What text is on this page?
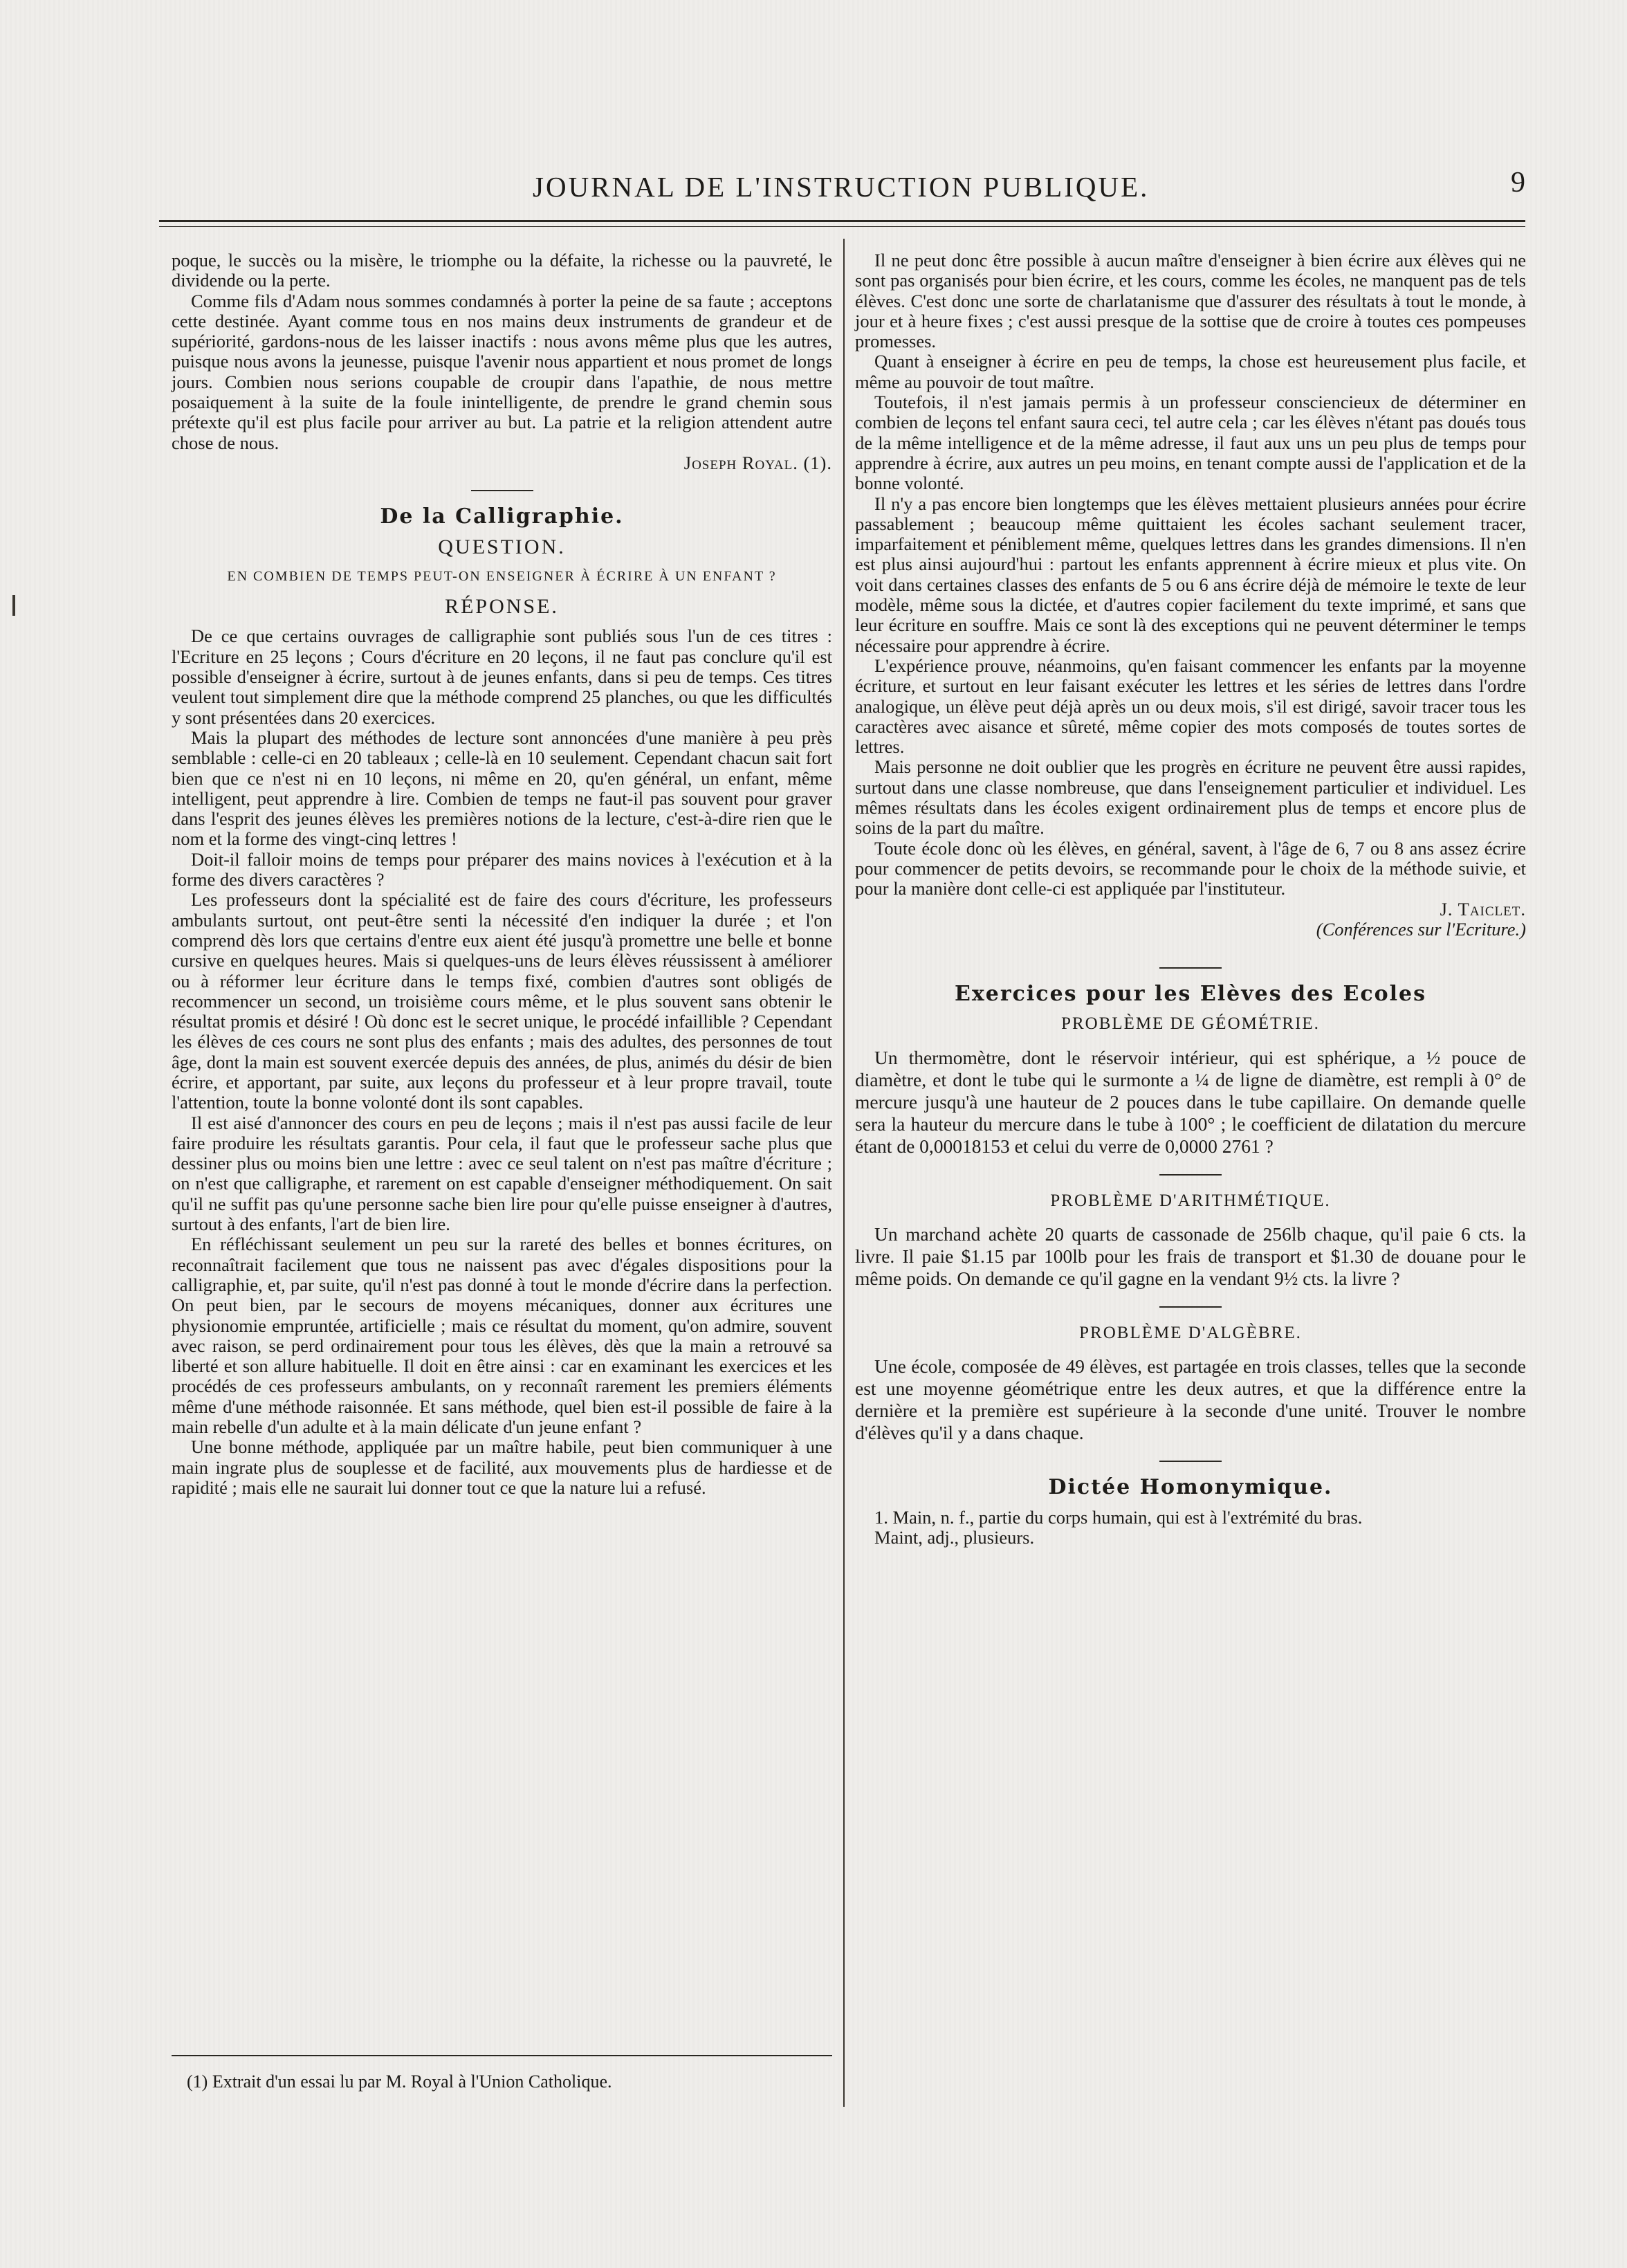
JOURNAL DE L'INSTRUCTION PUBLIQUE.	9

poque, le succès ou la misère, le triomphe ou la défaite, la richesse ou la pauvreté, le dividende ou la perte.

Comme fils d'Adam nous sommes condamnés à porter la peine de sa faute ; acceptons cette destinée. Ayant comme tous en nos mains deux instruments de grandeur et de supériorité, gardons-nous de les laisser inactifs : nous avons même plus que les autres, puisque nous avons la jeunesse, puisque l'avenir nous appartient et nous promet de longs jours. Combien nous serions coupable de croupir dans l'apathie, de nous mettre posaiquement à la suite de la foule inintelligente, de prendre le grand chemin sous prétexte qu'il est plus facile pour arriver au but. La patrie et la religion attendent autre chose de nous.

Joseph Royal. (1).

De la Calligraphie.
QUESTION.
EN COMBIEN DE TEMPS PEUT-ON ENSEIGNER À ÉCRIRE À UN ENFANT ?
RÉPONSE.

De ce que certains ouvrages de calligraphie sont publiés sous l'un de ces titres : l'Ecriture en 25 leçons ; Cours d'écriture en 20 leçons, il ne faut pas conclure qu'il est possible d'enseigner à écrire, surtout à de jeunes enfants, dans si peu de temps. Ces titres veulent tout simplement dire que la méthode comprend 25 planches, ou que les difficultés y sont présentées dans 20 exercices.

Mais la plupart des méthodes de lecture sont annoncées d'une manière à peu près semblable : celle-ci en 20 tableaux ; celle-là en 10 seulement. Cependant chacun sait fort bien que ce n'est ni en 10 leçons, ni même en 20, qu'en général, un enfant, même intelligent, peut apprendre à lire. Combien de temps ne faut-il pas souvent pour graver dans l'esprit des jeunes élèves les premières notions de la lecture, c'est-à-dire rien que le nom et la forme des vingt-cinq lettres !

Doit-il falloir moins de temps pour préparer des mains novices à l'exécution et à la forme des divers caractères ?

Les professeurs dont la spécialité est de faire des cours d'écriture, les professeurs ambulants surtout, ont peut-être senti la nécessité d'en indiquer la durée ; et l'on comprend dès lors que certains d'entre eux aient été jusqu'à promettre une belle et bonne cursive en quelques heures. Mais si quelques-uns de leurs élèves réussissent à améliorer ou à réformer leur écriture dans le temps fixé, combien d'autres sont obligés de recommencer un second, un troisième cours même, et le plus souvent sans obtenir le résultat promis et désiré ! Où donc est le secret unique, le procédé infaillible ? Cependant les élèves de ces cours ne sont plus des enfants ; mais des adultes, des personnes de tout âge, dont la main est souvent exercée depuis des années, de plus, animés du désir de bien écrire, et apportant, par suite, aux leçons du professeur et à leur propre travail, toute l'attention, toute la bonne volonté dont ils sont capables.

Il est aisé d'annoncer des cours en peu de leçons ; mais il n'est pas aussi facile de leur faire produire les résultats garantis. Pour cela, il faut que le professeur sache plus que dessiner plus ou moins bien une lettre : avec ce seul talent on n'est pas maître d'écriture ; on n'est que calligraphe, et rarement on est capable d'enseigner méthodiquement. On sait qu'il ne suffit pas qu'une personne sache bien lire pour qu'elle puisse enseigner à d'autres, surtout à des enfants, l'art de bien lire.

En réfléchissant seulement un peu sur la rareté des belles et bonnes écritures, on reconnaîtrait facilement que tous ne naissent pas avec d'égales dispositions pour la calligraphie, et, par suite, qu'il n'est pas donné à tout le monde d'écrire dans la perfection. On peut bien, par le secours de moyens mécaniques, donner aux écritures une physionomie empruntée, artificielle ; mais ce résultat du moment, qu'on admire, souvent avec raison, se perd ordinairement pour tous les élèves, dès que la main a retrouvé sa liberté et son allure habituelle. Il doit en être ainsi : car en examinant les exercices et les procédés de ces professeurs ambulants, on y reconnaît rarement les premiers éléments même d'une méthode raisonnée. Et sans méthode, quel bien est-il possible de faire à la main rebelle d'un adulte et à la main délicate d'un jeune enfant ?

Une bonne méthode, appliquée par un maître habile, peut bien communiquer à une main ingrate plus de souplesse et de facilité, aux mouvements plus de hardiesse et de rapidité ; mais elle ne saurait lui donner tout ce que la nature lui a refusé.

(1) Extrait d'un essai lu par M. Royal à l'Union Catholique.

Il ne peut donc être possible à aucun maître d'enseigner à bien écrire aux élèves qui ne sont pas organisés pour bien écrire, et les cours, comme les écoles, ne manquent pas de tels élèves. C'est donc une sorte de charlatanisme que d'assurer des résultats à tout le monde, à jour et à heure fixes ; c'est aussi presque de la sottise que de croire à toutes ces pompeuses promesses.

Quant à enseigner à écrire en peu de temps, la chose est heureusement plus facile, et même au pouvoir de tout maître.

Toutefois, il n'est jamais permis à un professeur consciencieux de déterminer en combien de leçons tel enfant saura ceci, tel autre cela ; car les élèves n'étant pas doués tous de la même intelligence et de la même adresse, il faut aux uns un peu plus de temps pour apprendre à écrire, aux autres un peu moins, en tenant compte aussi de l'application et de la bonne volonté.

Il n'y a pas encore bien longtemps que les élèves mettaient plusieurs années pour écrire passablement ; beaucoup même quittaient les écoles sachant seulement tracer, imparfaitement et péniblement même, quelques lettres dans les grandes dimensions. Il n'en est plus ainsi aujourd'hui : partout les enfants apprennent à écrire mieux et plus vite. On voit dans certaines classes des enfants de 5 ou 6 ans écrire déjà de mémoire le texte de leur modèle, même sous la dictée, et d'autres copier facilement du texte imprimé, et sans que leur écriture en souffre. Mais ce sont là des exceptions qui ne peuvent déterminer le temps nécessaire pour apprendre à écrire.

L'expérience prouve, néanmoins, qu'en faisant commencer les enfants par la moyenne écriture, et surtout en leur faisant exécuter les lettres et les séries de lettres dans l'ordre analogique, un élève peut déjà après un ou deux mois, s'il est dirigé, savoir tracer tous les caractères avec aisance et sûreté, même copier des mots composés de toutes sortes de lettres.

Mais personne ne doit oublier que les progrès en écriture ne peuvent être aussi rapides, surtout dans une classe nombreuse, que dans l'enseignement particulier et individuel. Les mêmes résultats dans les écoles exigent ordinairement plus de temps et encore plus de soins de la part du maître.

Toute école donc où les élèves, en général, savent, à l'âge de 6, 7 ou 8 ans assez écrire pour commencer de petits devoirs, se recommande pour le choix de la méthode suivie, et pour la manière dont celle-ci est appliquée par l'instituteur.

J. Taiclet.

(Conférences sur l'Ecriture.)

Exercices pour les Elèves des Ecoles
PROBLÈME DE GÉOMÉTRIE.

Un thermomètre, dont le réservoir intérieur, qui est sphérique, a ½ pouce de diamètre, et dont le tube qui le surmonte a ¼ de ligne de diamètre, est rempli à 0° de mercure jusqu'à une hauteur de 2 pouces dans le tube capillaire. On demande quelle sera la hauteur du mercure dans le tube à 100° ; le coefficient de dilatation du mercure étant de 0,00018153 et celui du verre de 0,0000 2761 ?

PROBLÈME D'ARITHMÉTIQUE.

Un marchand achète 20 quarts de cassonade de 256lb chaque, qu'il paie 6 cts. la livre. Il paie $1.15 par 100lb pour les frais de transport et $1.30 de douane pour le même poids. On demande ce qu'il gagne en la vendant 9½ cts. la livre ?

PROBLÈME D'ALGÈBRE.

Une école, composée de 49 élèves, est partagée en trois classes, telles que la seconde est une moyenne géométrique entre les deux autres, et que la différence entre la dernière et la première est supérieure à la seconde d'une unité. Trouver le nombre d'élèves qu'il y a dans chaque.

Dictée Homonymique.

1. Main, n. f., partie du corps humain, qui est à l'extrémité du bras.

Maint, adj., plusieurs.
